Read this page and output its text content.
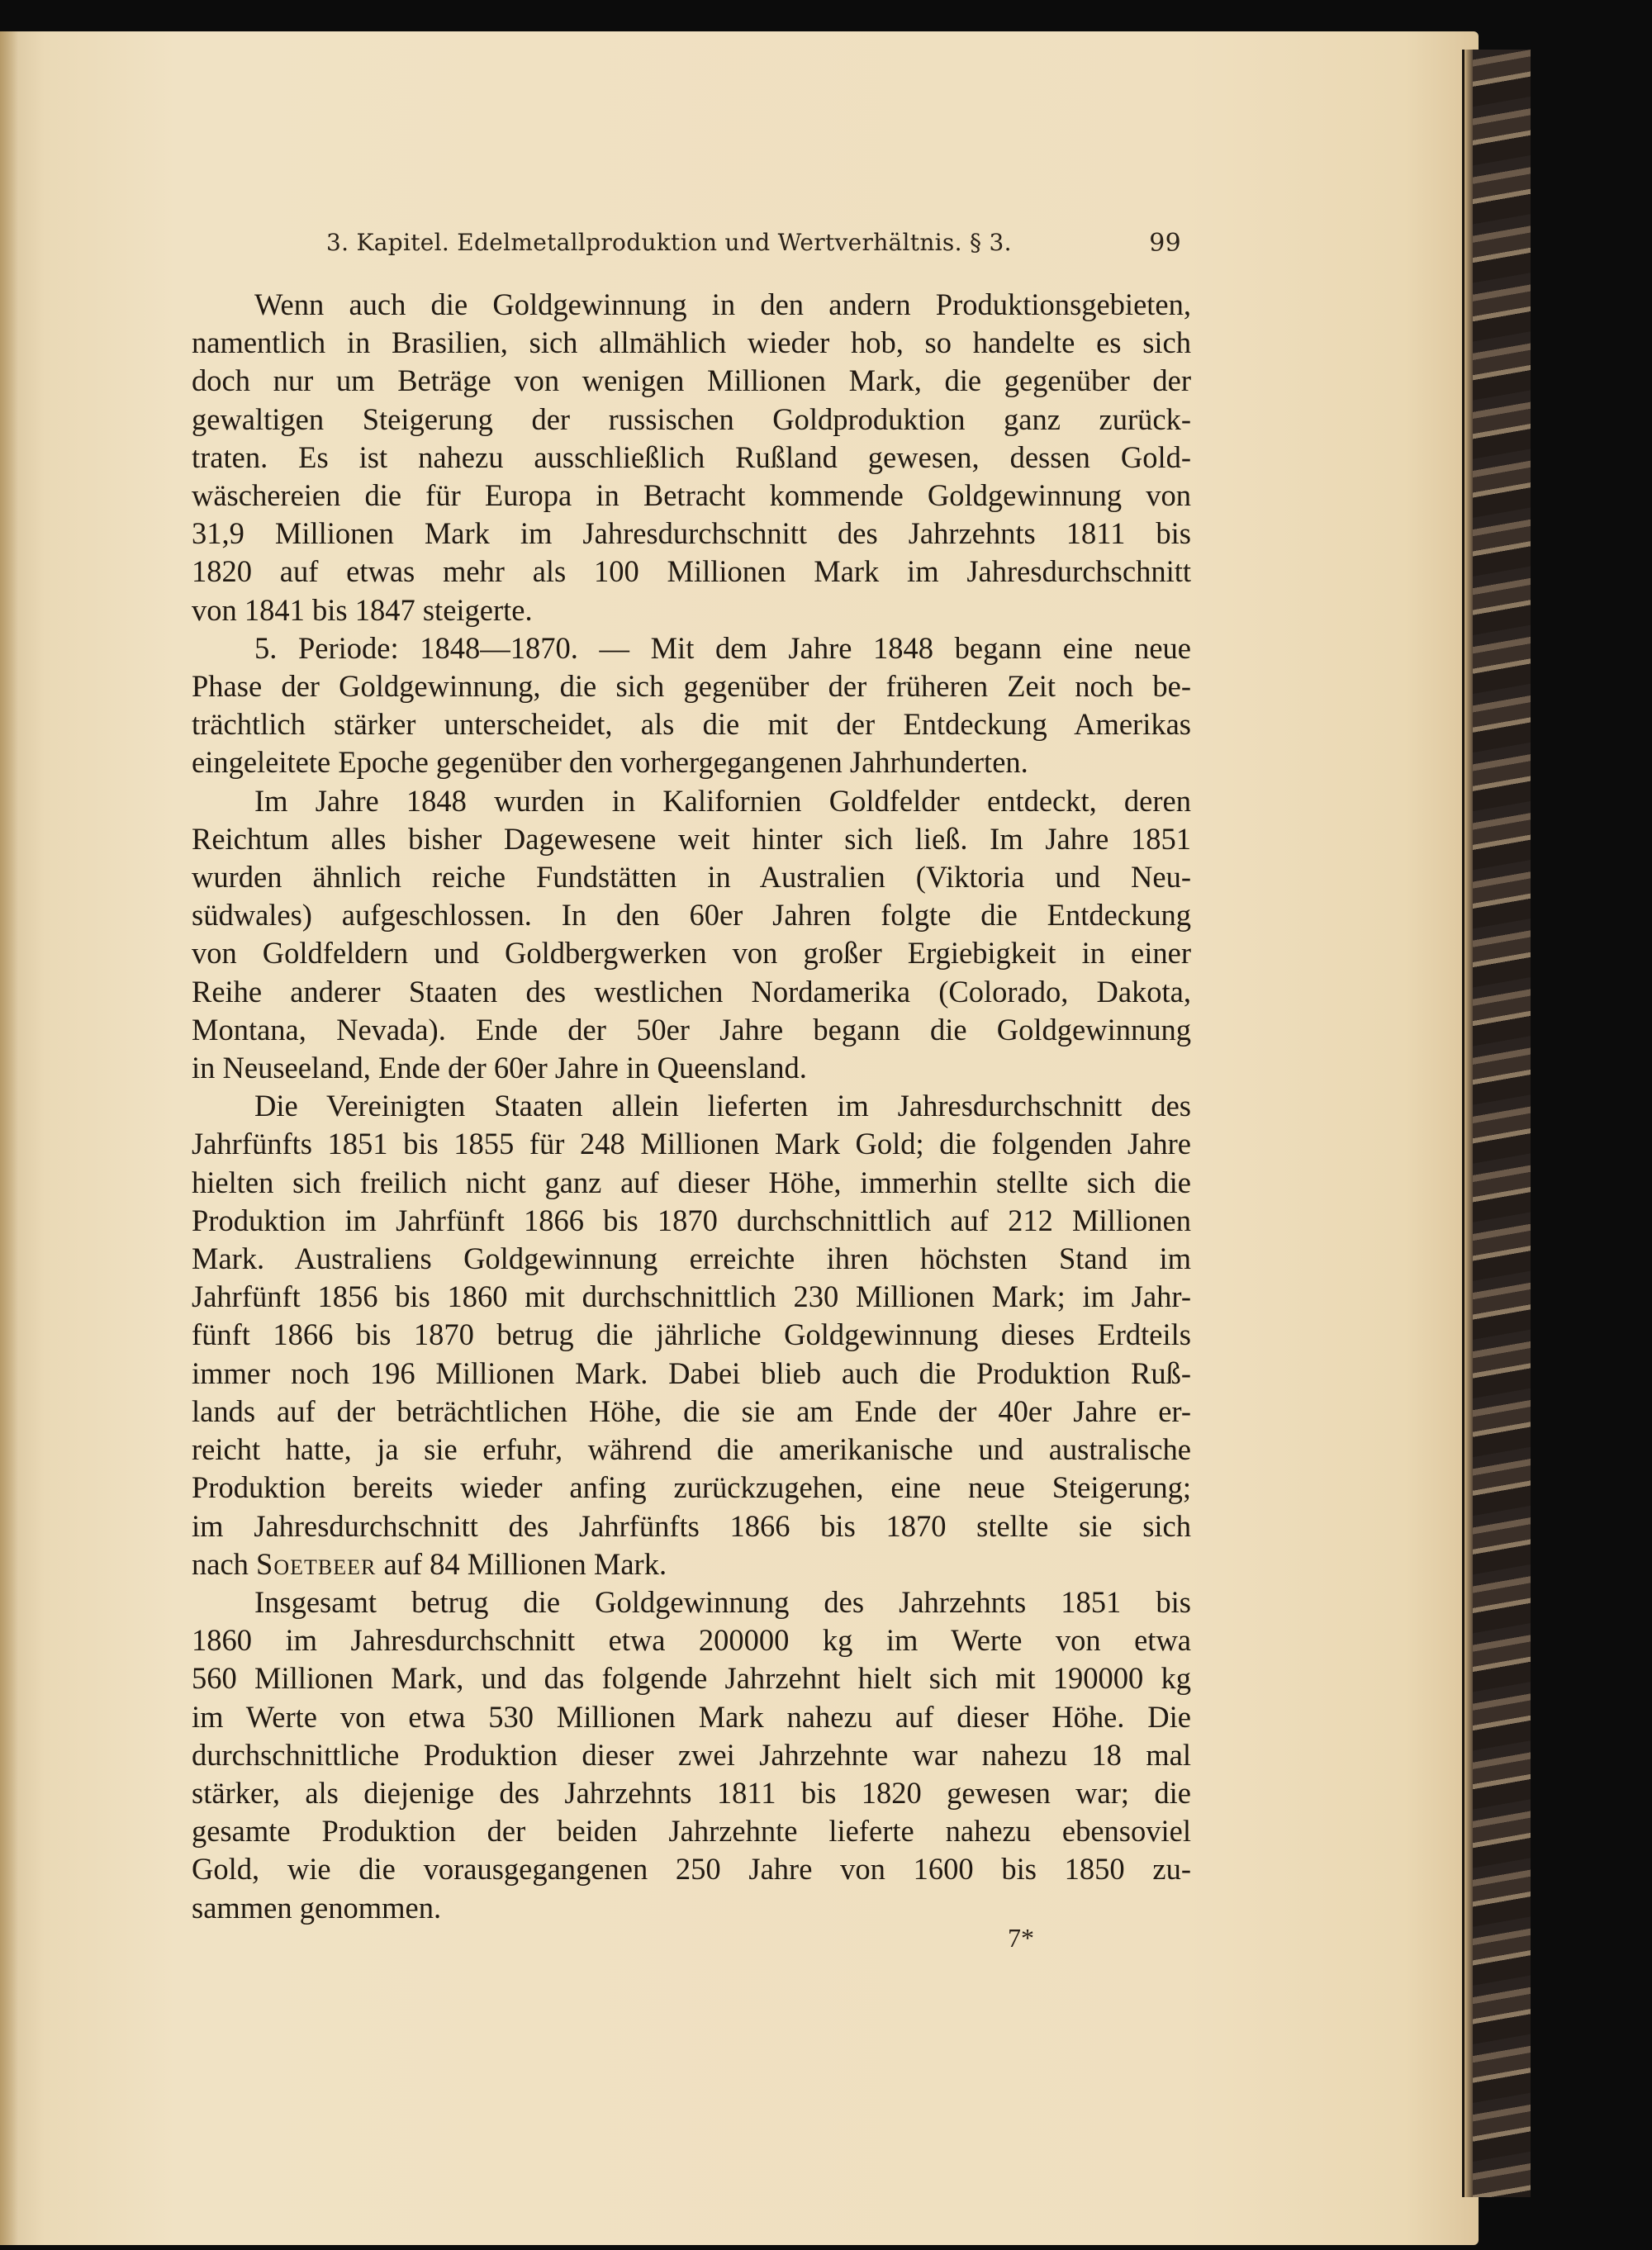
3. Kapitel. Edelmetallproduktion und Wertverhältnis. § 3.	99
Wenn auch die Goldgewinnung in den andern Produktionsgebieten,
namentlich in Brasilien, sich allmählich wieder hob, so handelte es sich
doch nur um Beträge von wenigen Millionen Mark, die gegenüber der
gewaltigen Steigerung der russischen Goldproduktion ganz zurück-
traten. Es ist nahezu ausschließlich Rußland gewesen, dessen Gold-
wäschereien die für Europa in Betracht kommende Goldgewinnung von
31,9 Millionen Mark im Jahresdurchschnitt des Jahrzehnts 1811 bis
1820 auf etwas mehr als 100 Millionen Mark im Jahresdurchschnitt
von 1841 bis 1847 steigerte.
5. Periode: 1848—1870. — Mit dem Jahre 1848 begann eine neue
Phase der Goldgewinnung, die sich gegenüber der früheren Zeit noch be-
trächtlich stärker unterscheidet, als die mit der Entdeckung Amerikas
eingeleitete Epoche gegenüber den vorhergegangenen Jahrhunderten.
Im Jahre 1848 wurden in Kalifornien Goldfelder entdeckt, deren
Reichtum alles bisher Dagewesene weit hinter sich ließ. Im Jahre 1851
wurden ähnlich reiche Fundstätten in Australien (Viktoria und Neu-
südwales) aufgeschlossen. In den 60er Jahren folgte die Entdeckung
von Goldfeldern und Goldbergwerken von großer Ergiebigkeit in einer
Reihe anderer Staaten des westlichen Nordamerika (Colorado, Dakota,
Montana, Nevada). Ende der 50er Jahre begann die Goldgewinnung
in Neuseeland, Ende der 60er Jahre in Queensland.
Die Vereinigten Staaten allein lieferten im Jahresdurchschnitt des
Jahrfünfts 1851 bis 1855 für 248 Millionen Mark Gold; die folgenden Jahre
hielten sich freilich nicht ganz auf dieser Höhe, immerhin stellte sich die
Produktion im Jahrfünft 1866 bis 1870 durchschnittlich auf 212 Millionen
Mark. Australiens Goldgewinnung erreichte ihren höchsten Stand im
Jahrfünft 1856 bis 1860 mit durchschnittlich 230 Millionen Mark; im Jahr-
fünft 1866 bis 1870 betrug die jährliche Goldgewinnung dieses Erdteils
immer noch 196 Millionen Mark. Dabei blieb auch die Produktion Ruß-
lands auf der beträchtlichen Höhe, die sie am Ende der 40er Jahre er-
reicht hatte, ja sie erfuhr, während die amerikanische und australische
Produktion bereits wieder anfing zurückzugehen, eine neue Steigerung;
im Jahresdurchschnitt des Jahrfünfts 1866 bis 1870 stellte sie sich
nach Soetbeer auf 84 Millionen Mark.
Insgesamt betrug die Goldgewinnung des Jahrzehnts 1851 bis
1860 im Jahresdurchschnitt etwa 200000 kg im Werte von etwa
560 Millionen Mark, und das folgende Jahrzehnt hielt sich mit 190000 kg
im Werte von etwa 530 Millionen Mark nahezu auf dieser Höhe. Die
durchschnittliche Produktion dieser zwei Jahrzehnte war nahezu 18 mal
stärker, als diejenige des Jahrzehnts 1811 bis 1820 gewesen war; die
gesamte Produktion der beiden Jahrzehnte lieferte nahezu ebensoviel
Gold, wie die vorausgegangenen 250 Jahre von 1600 bis 1850 zu-
sammen genommen.
7*
